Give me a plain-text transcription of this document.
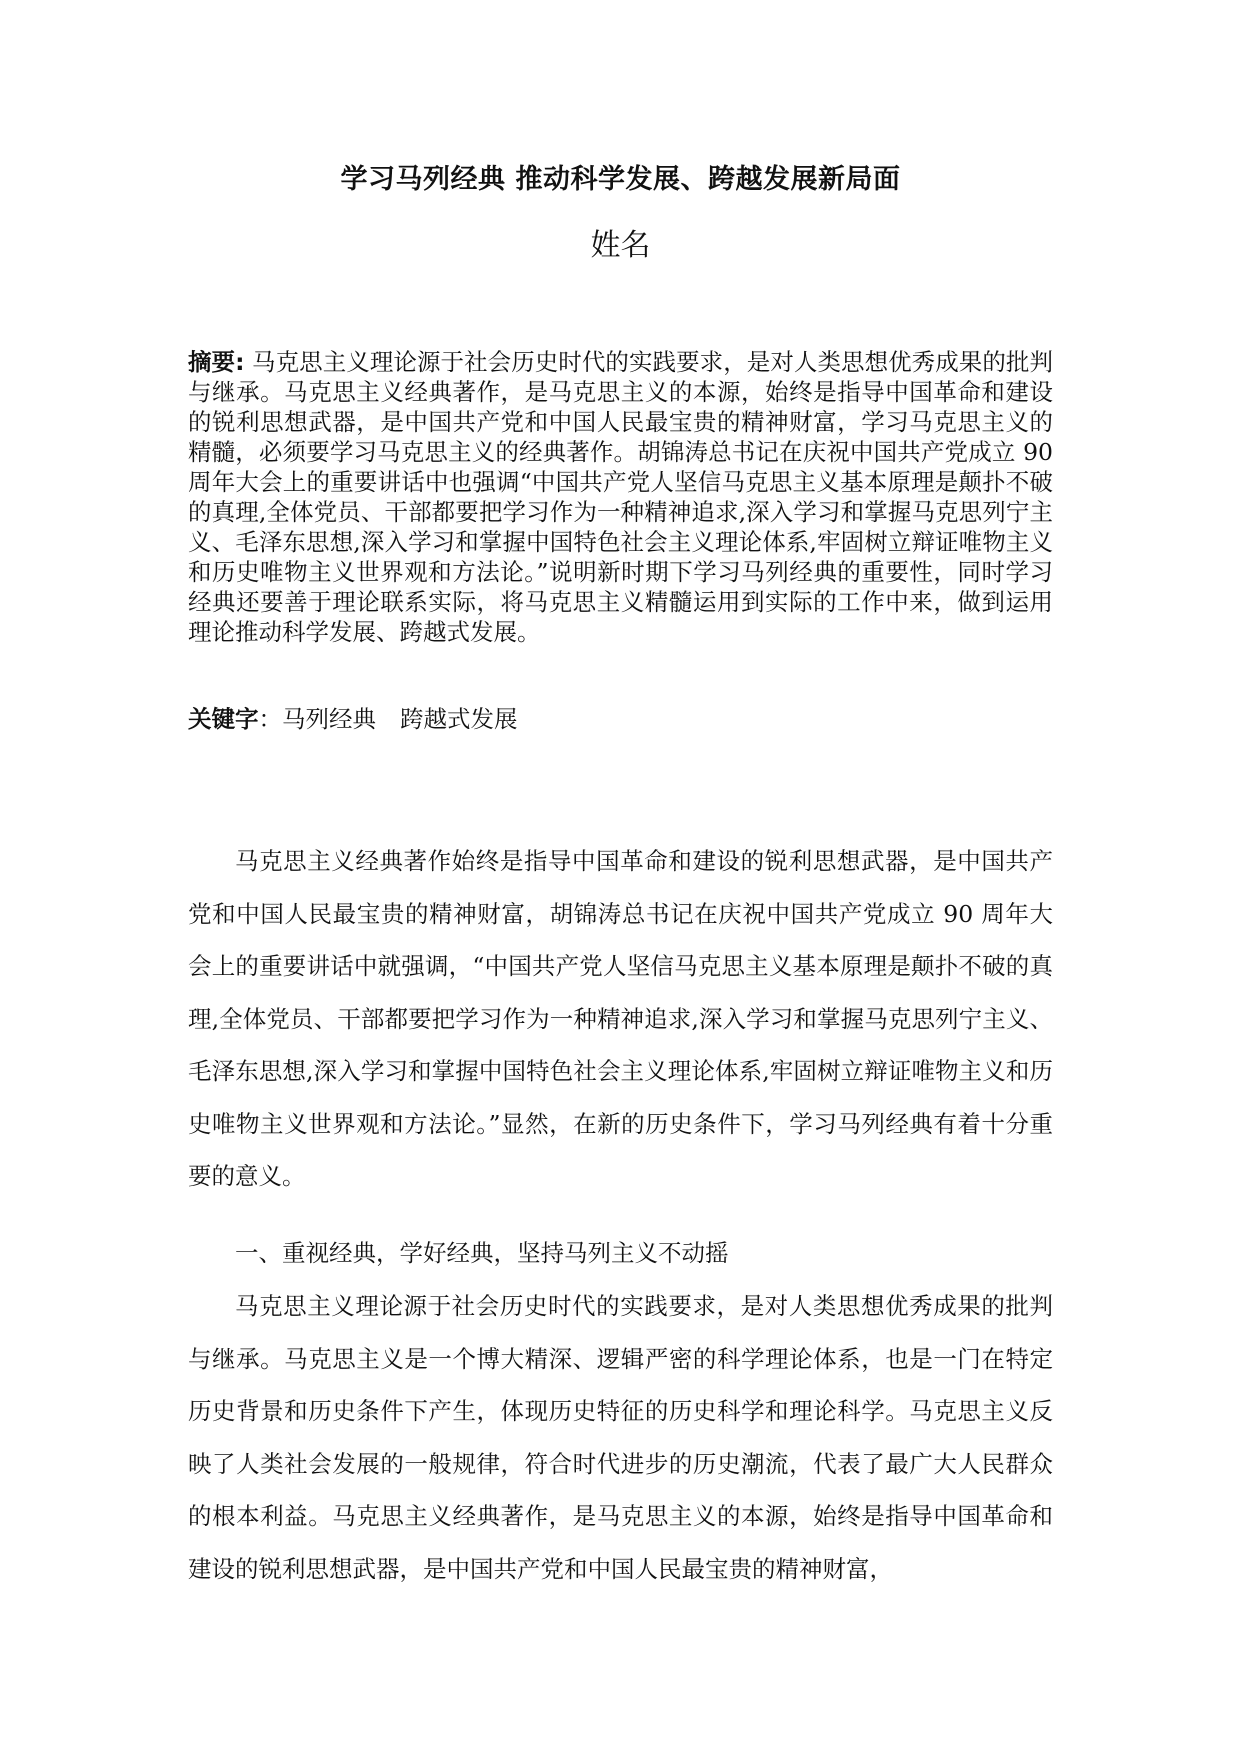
学习马列经典 推动科学发展、跨越发展新局面
姓名

摘要: 马克思主义理论源于社会历史时代的实践要求，是对人类思想优秀成果的批判与继承。马克思主义经典著作，是马克思主义的本源，始终是指导中国革命和建设的锐利思想武器，是中国共产党和中国人民最宝贵的精神财富，学习马克思主义的精髓，必须要学习马克思主义的经典著作。胡锦涛总书记在庆祝中国共产党成立 90 周年大会上的重要讲话中也强调“中国共产党人坚信马克思主义基本原理是颠扑不破的真理,全体党员、干部都要把学习作为一种精神追求,深入学习和掌握马克思列宁主义、毛泽东思想,深入学习和掌握中国特色社会主义理论体系,牢固树立辩证唯物主义和历史唯物主义世界观和方法论。”说明新时期下学习马列经典的重要性，同时学习经典还要善于理论联系实际，将马克思主义精髓运用到实际的工作中来，做到运用理论推动科学发展、跨越式发展。

关键字：马列经典 跨越式发展

马克思主义经典著作始终是指导中国革命和建设的锐利思想武器，是中国共产党和中国人民最宝贵的精神财富，胡锦涛总书记在庆祝中国共产党成立 90 周年大会上的重要讲话中就强调，“中国共产党人坚信马克思主义基本原理是颠扑不破的真理,全体党员、干部都要把学习作为一种精神追求,深入学习和掌握马克思列宁主义、毛泽东思想,深入学习和掌握中国特色社会主义理论体系,牢固树立辩证唯物主义和历史唯物主义世界观和方法论。”显然，在新的历史条件下，学习马列经典有着十分重要的意义。

一、重视经典，学好经典，坚持马列主义不动摇

马克思主义理论源于社会历史时代的实践要求，是对人类思想优秀成果的批判与继承。马克思主义是一个博大精深、逻辑严密的科学理论体系，也是一门在特定历史背景和历史条件下产生，体现历史特征的历史科学和理论科学。马克思主义反映了人类社会发展的一般规律，符合时代进步的历史潮流，代表了最广大人民群众的根本利益。马克思主义经典著作，是马克思主义的本源，始终是指导中国革命和建设的锐利思想武器，是中国共产党和中国人民最宝贵的精神财富，
